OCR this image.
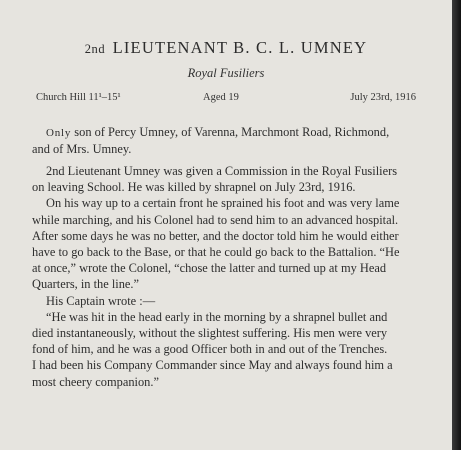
2nd LIEUTENANT B. C. L. UMNEY
Royal Fusiliers
Church Hill 11¹–15¹	Aged 19	July 23rd, 1916
Only son of Percy Umney, of Varenna, Marchmont Road, Richmond,
and of Mrs. Umney.
2nd Lieutenant Umney was given a Commission in the Royal Fusiliers
on leaving School. He was killed by shrapnel on July 23rd, 1916.
On his way up to a certain front he sprained his foot and was very lame
while marching, and his Colonel had to send him to an advanced hospital.
After some days he was no better, and the doctor told him he would either
have to go back to the Base, or that he could go back to the Battalion. “He
at once,” wrote the Colonel, “chose the latter and turned up at my Head
Quarters, in the line.”
His Captain wrote :—
“He was hit in the head early in the morning by a shrapnel bullet and
died instantaneously, without the slightest suffering. His men were very
fond of him, and he was a good Officer both in and out of the Trenches.
I had been his Company Commander since May and always found him a
most cheery companion.”
